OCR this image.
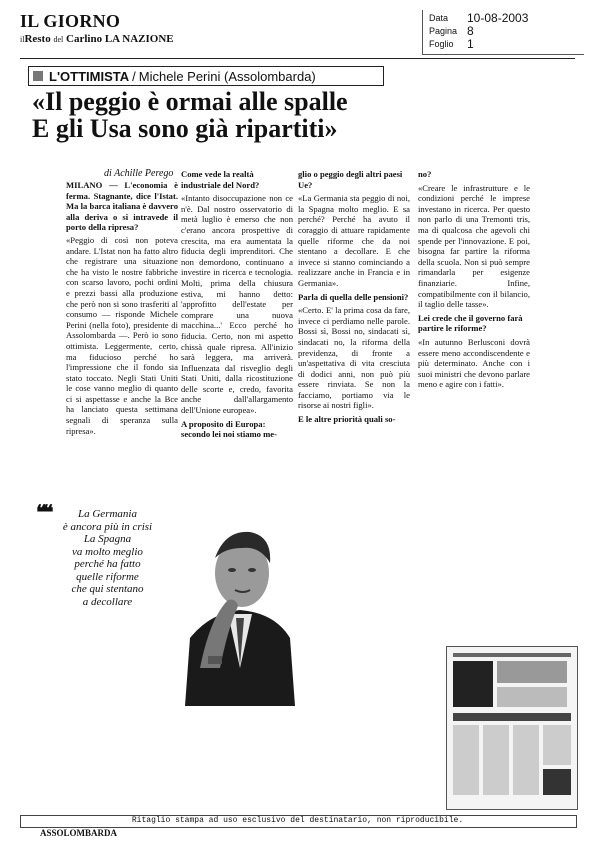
IL GIORNO
ilResto del Carlino LA NAZIONE
Data	10-08-2003
Pagina 8
Foglio	1
L'OTTIMISTA / Michele Perini (Assolombarda)
«Il peggio è ormai alle spalle
E gli Usa sono già ripartiti»
di Achille Perego

MILANO — L'economia è ferma. Stagnante, dice l'Istat. Ma la barca italiana è davvero alla deriva o si intravede il porto della ripresa?

«Peggio di così non poteva andare. L'Istat non ha fatto altro che registrare una situazione che ha visto le nostre fabbriche con scarso lavoro, pochi ordini e prezzi bassi alla produzione che però non si sono trasferiti al consumo — risponde Michele Perini (nella foto), presidente di Assolombarda —. Però io sono ottimista. Leggermente, certo, ma fiducioso perché ho l'impressione che il fondo sia stato toccato. Negli Stati Uniti le cose vanno meglio di quanto ci si aspettasse e anche la Bce ha lanciato questa settimana segnali di speranza sulla ripresa».

Come vede la realtà industriale del Nord?

«Intanto disoccupazione non ce n'è. Dal nostro osservatorio di metà luglio è emerso che non c'erano ancora prospettive di crescita, ma era aumentata la fiducia degli imprenditori. Che non demordono, continuano a investire in ricerca e tecnologia. Molti, prima della chiusura estiva, mi hanno detto: 'approfitto dell'estate per comprare una nuova macchina...' Ecco perché ho fiducia. Certo, non mi aspetto chissà quale ripresa. All'inizio sarà leggera, ma arriverà. Influenzata dal risveglio degli Stati Uniti, dalla ricostituzione delle scorte e, credo, favorita anche dall'allargamento dell'Unione europea».

A proposito di Europa: secondo lei noi stiamo me-

glio o peggio degli altri paesi Ue?

«La Germania sta peggio di noi, la Spagna molto meglio. E sa perché? Perché ha avuto il coraggio di attuare rapidamente quelle riforme che da noi stentano a decollare. E che invece si stanno cominciando a realizzare anche in Francia e in Germania».

Parla di quella delle pensioni?

«Certo. E' la prima cosa da fare, invece ci perdiamo nelle parole. Bossi sì, Bossi no, sindacati sì, sindacati no, la riforma della previdenza, di fronte a un'aspettativa di vita cresciuta di dodici anni, non può più essere rinviata. Se non la facciamo, portiamo via le risorse ai nostri figli».

E le altre priorità quali so-

no?

«Creare le infrastrutture e le condizioni perché le imprese investano in ricerca. Per questo non parlo di una Tremonti tris, ma di qualcosa che agevoli chi spende per l'innovazione. E poi, bisogna far partire la riforma della scuola. Non si può sempre rimandarla per esigenze finanziarie. Infine, compatibilmente con il bilancio, il taglio delle tasse».

Lei crede che il governo farà partire le riforme?

«In autunno Berlusconi dovrà essere meno accondiscendente e più determinato. Anche con i suoi ministri che devono parlare meno e agire con i fatti».

❝❝	La Germania
è ancora più in crisi
La Spagna
va molto meglio
perché ha fatto
quelle riforme
che qui stentano
a decollare
Ritaglio stampa ad uso esclusivo del destinatario, non riproducibile.
ASSOLOMBARDA
